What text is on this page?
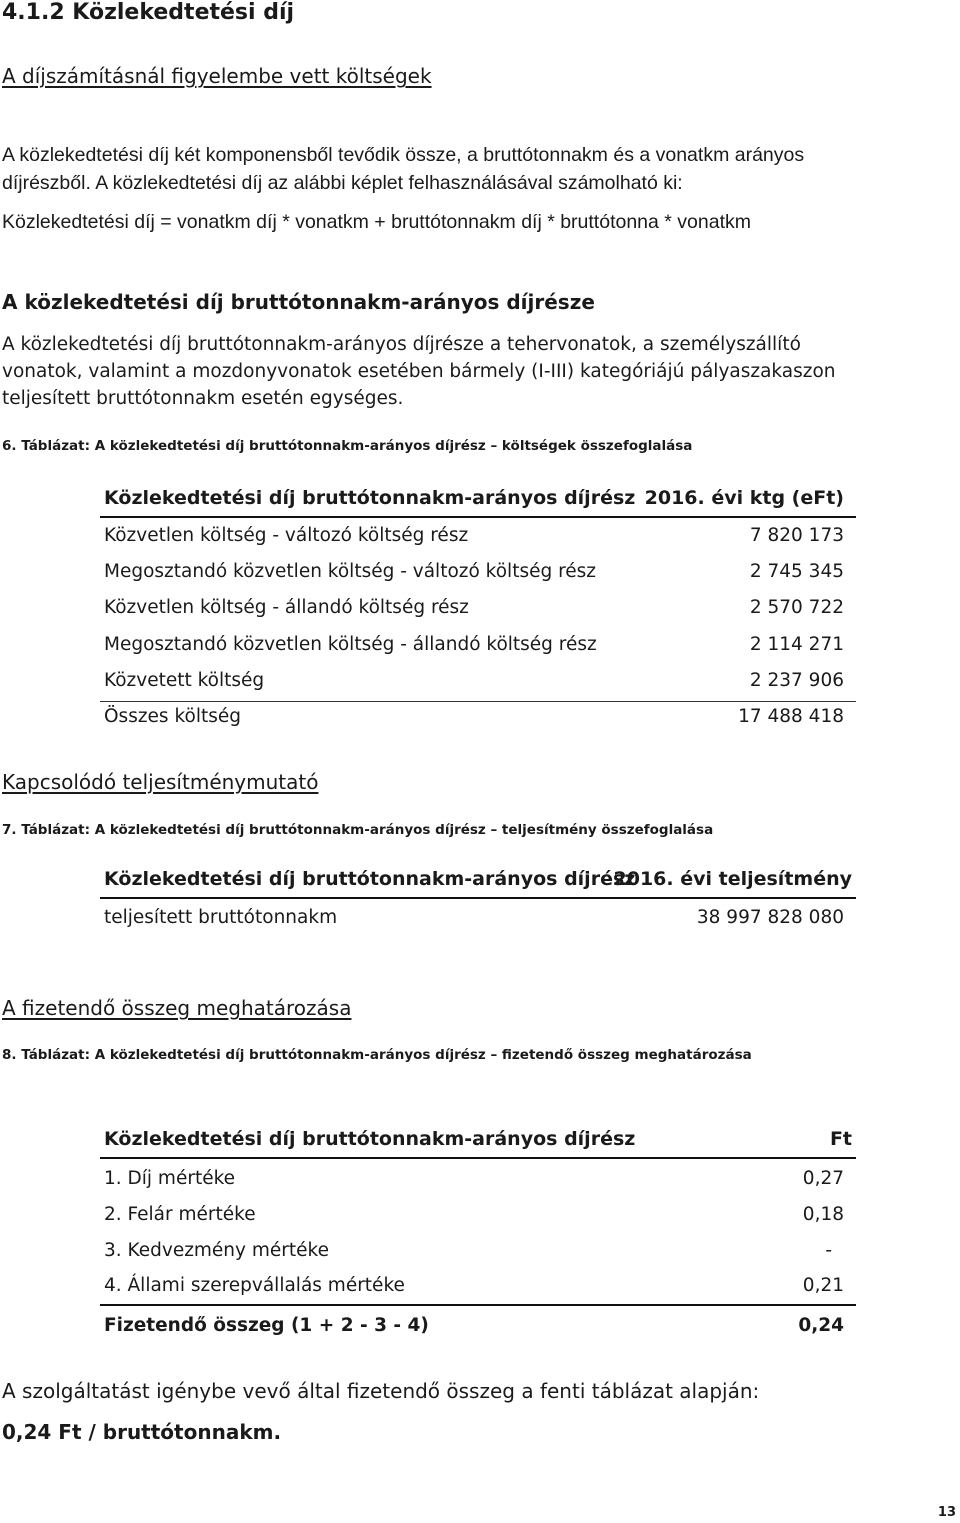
4.1.2 Közlekedtetési díj
A díjszámításnál figyelembe vett költségek
A közlekedtetési díj két komponensből tevődik össze, a bruttótonnakm és a vonatkm arányos
díjrészből. A közlekedtetési díj az alábbi képlet felhasználásával számolható ki:
Közlekedtetési díj = vonatkm díj * vonatkm + bruttótonnakm díj * bruttótonna * vonatkm
A közlekedtetési díj bruttótonnakm-arányos díjrésze
A közlekedtetési díj bruttótonnakm-arányos díjrésze a tehervonatok, a személyszállító
vonatok, valamint a mozdonyvonatok esetében bármely (I-III) kategóriájú pályaszakaszon
teljesített bruttótonnakm esetén egységes.
6. Táblázat: A közlekedtetési díj bruttótonnakm-arányos díjrész – költségek összefoglalása
Közlekedtetési díj bruttótonnakm-arányos díjrész 2016. évi ktg (eFt)
Közvetlen költség - változó költség rész	7 820 173
Megosztandó közvetlen költség - változó költség rész	2 745 345
Közvetlen költség - állandó költség rész	2 570 722
Megosztandó közvetlen költség - állandó költség rész	2 114 271
Közvetett költség	2 237 906
Összes költség	17 488 418
Kapcsolódó teljesítménymutató
7. Táblázat: A közlekedtetési díj bruttótonnakm-arányos díjrész – teljesítmény összefoglalása
Közlekedtetési díj bruttótonnakm-arányos díjrész
2016. évi teljesítmény
teljesített bruttótonnakm	38 997 828 080
A fizetendő összeg meghatározása
8. Táblázat: A közlekedtetési díj bruttótonnakm-arányos díjrész – fizetendő összeg meghatározása
Közlekedtetési díj bruttótonnakm-arányos díjrész	Ft
1. Díj mértéke	0,27
2. Felár mértéke	0,18
3. Kedvezmény mértéke	-
4. Állami szerepvállalás mértéke	0,21
Fizetendő összeg (1 + 2 - 3 - 4)	0,24
A szolgáltatást igénybe vevő által fizetendő összeg a fenti táblázat alapján:
0,24 Ft / bruttótonnakm.
13
